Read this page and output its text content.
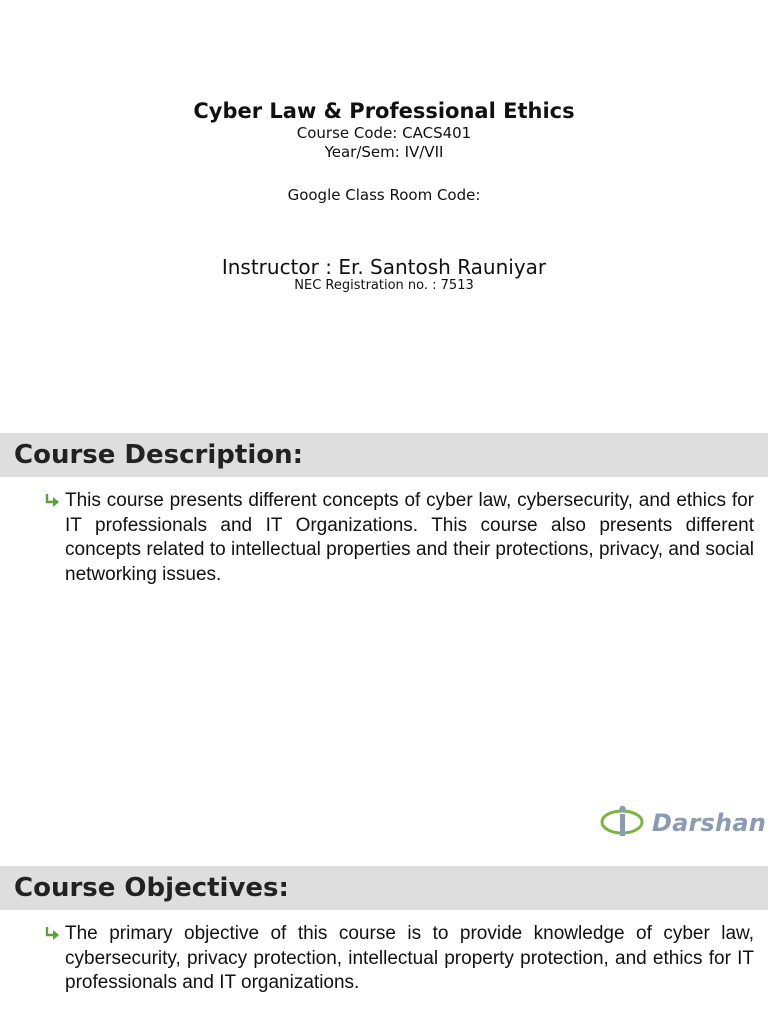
Cyber Law & Professional Ethics
Course Code: CACS401
Year/Sem: IV/VII
Google Class Room Code:
Instructor : Er. Santosh Rauniyar
NEC Registration no. : 7513
Course Description:
This course presents different concepts of cyber law, cybersecurity, and ethics for IT professionals and IT Organizations. This course also presents different concepts related to intellectual properties and their protections, privacy, and social networking issues.
Darshan
Course Objectives:
The primary objective of this course is to provide knowledge of cyber law, cybersecurity, privacy protection, intellectual property protection, and ethics for IT professionals and IT organizations.
